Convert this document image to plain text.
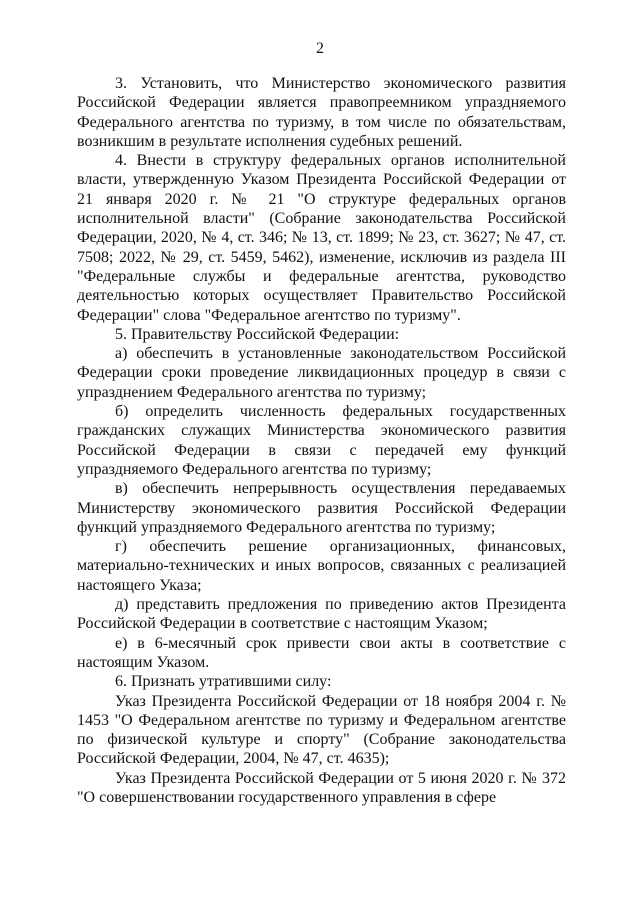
2

3. Установить, что Министерство экономического развития Российской Федерации является правопреемником упраздняемого Федерального агентства по туризму, в том числе по обязательствам, возникшим в результате исполнения судебных решений.

4. Внести в структуру федеральных органов исполнительной власти, утвержденную Указом Президента Российской Федерации от 21 января 2020 г. № 21 "О структуре федеральных органов исполнительной власти" (Собрание законодательства Российской Федерации, 2020, № 4, ст. 346; № 13, ст. 1899; № 23, ст. 3627; № 47, ст. 7508; 2022, № 29, ст. 5459, 5462), изменение, исключив из раздела III "Федеральные службы и федеральные агентства, руководство деятельностью которых осуществляет Правительство Российской Федерации" слова "Федеральное агентство по туризму".

5. Правительству Российской Федерации:

а) обеспечить в установленные законодательством Российской Федерации сроки проведение ликвидационных процедур в связи с упразднением Федерального агентства по туризму;

б) определить численность федеральных государственных гражданских служащих Министерства экономического развития Российской Федерации в связи с передачей ему функций упраздняемого Федерального агентства по туризму;

в) обеспечить непрерывность осуществления передаваемых Министерству экономического развития Российской Федерации функций упраздняемого Федерального агентства по туризму;

г) обеспечить решение организационных, финансовых, материально-технических и иных вопросов, связанных с реализацией настоящего Указа;

д) представить предложения по приведению актов Президента Российской Федерации в соответствие с настоящим Указом;

е) в 6-месячный срок привести свои акты в соответствие с настоящим Указом.

6. Признать утратившими силу:

Указ Президента Российской Федерации от 18 ноября 2004 г. № 1453 "О Федеральном агентстве по туризму и Федеральном агентстве по физической культуре и спорту" (Собрание законодательства Российской Федерации, 2004, № 47, ст. 4635);

Указ Президента Российской Федерации от 5 июня 2020 г. № 372 "О совершенствовании государственного управления в сфере
